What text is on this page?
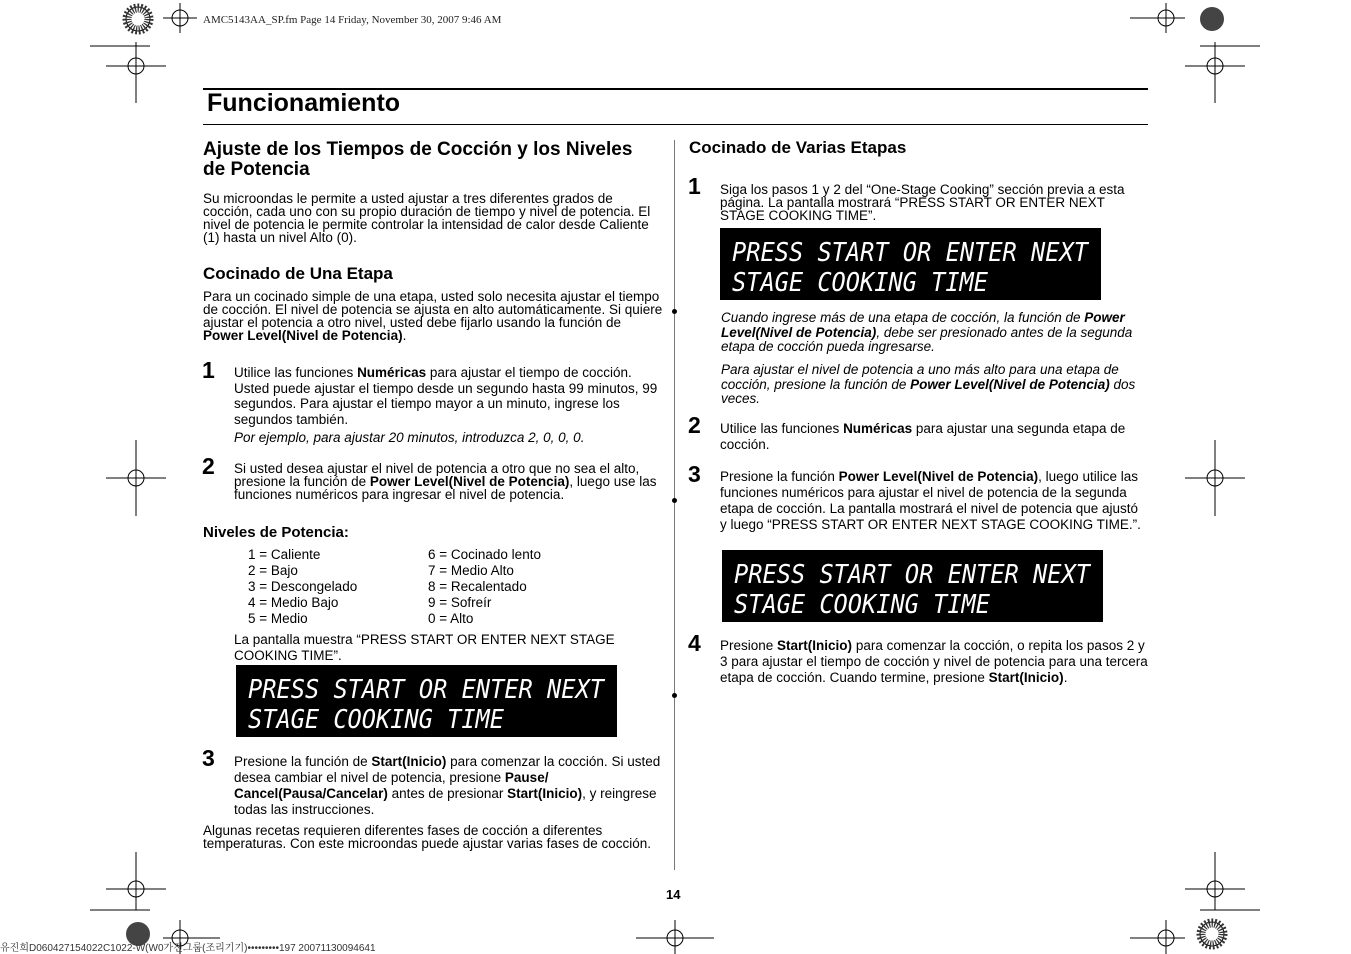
AMC5143AA_SP.fm Page 14 Friday, November 30, 2007 9:46 AM
Funcionamiento
Ajuste de los Tiempos de Cocción y los Niveles de Potencia
Su microondas le permite a usted ajustar a tres diferentes grados de cocción, cada uno con su propio duración de tiempo y nivel de potencia. El nivel de potencia le permite controlar la intensidad de calor desde Caliente (1) hasta un nivel Alto (0).
Cocinado de Una Etapa
Para un cocinado simple de una etapa, usted solo necesita ajustar el tiempo de cocción. El nivel de potencia se ajusta en alto automáticamente. Si quiere ajustar el potencia a otro nivel, usted debe fijarlo usando la función de Power Level(Nivel de Potencia).
1 Utilice las funciones Numéricas para ajustar el tiempo de cocción. Usted puede ajustar el tiempo desde un segundo hasta 99 minutos, 99 segundos. Para ajustar el tiempo mayor a un minuto, ingrese los segundos también.
Por ejemplo, para ajustar 20 minutos, introduzca 2, 0, 0, 0.
2 Si usted desea ajustar el nivel de potencia a otro que no sea el alto, presione la función de Power Level(Nivel de Potencia), luego use las funciones numéricos para ingresar el nivel de potencia.
Niveles de Potencia:
1 = Caliente	6 = Cocinado lento
2 = Bajo	7 = Medio Alto
3 = Descongelado	8 = Recalentado
4 = Medio Bajo	9 = Sofreír
5 = Medio	0 = Alto
La pantalla muestra “PRESS START OR ENTER NEXT STAGE COOKING TIME”.
PRESS START OR ENTER NEXT
STAGE COOKING TIME
3 Presione la función de Start(Inicio) para comenzar la cocción. Si usted desea cambiar el nivel de potencia, presione Pause/ Cancel(Pausa/Cancelar) antes de presionar Start(Inicio), y reingrese todas las instrucciones.
Algunas recetas requieren diferentes fases de cocción a diferentes temperaturas. Con este microondas puede ajustar varias fases de cocción.
Cocinado de Varias Etapas
1 Siga los pasos 1 y 2 del “One-Stage Cooking” sección previa a esta página. La pantalla mostrará “PRESS START OR ENTER NEXT STAGE COOKING TIME”.
PRESS START OR ENTER NEXT
STAGE COOKING TIME
Cuando ingrese más de una etapa de cocción, la función de Power Level(Nivel de Potencia), debe ser presionado antes de la segunda etapa de cocción pueda ingresarse.
Para ajustar el nivel de potencia a uno más alto para una etapa de cocción, presione la función de Power Level(Nivel de Potencia) dos veces.
2 Utilice las funciones Numéricas para ajustar una segunda etapa de cocción.
3 Presione la función Power Level(Nivel de Potencia), luego utilice las funciones numéricos para ajustar el nivel de potencia de la segunda etapa de cocción. La pantalla mostrará el nivel de potencia que ajustó y luego “PRESS START OR ENTER NEXT STAGE COOKING TIME.”.
PRESS START OR ENTER NEXT
STAGE COOKING TIME
4 Presione Start(Inicio) para comenzar la cocción, o repita los pasos 2 y 3 para ajustar el tiempo de cocción y nivel de potencia para una tercera etapa de cocción. Cuando termine, presione Start(Inicio).
14
유진희D060427154022C1022-W(W0가전그룹(조리기기)•••••••••197 20071130094641
